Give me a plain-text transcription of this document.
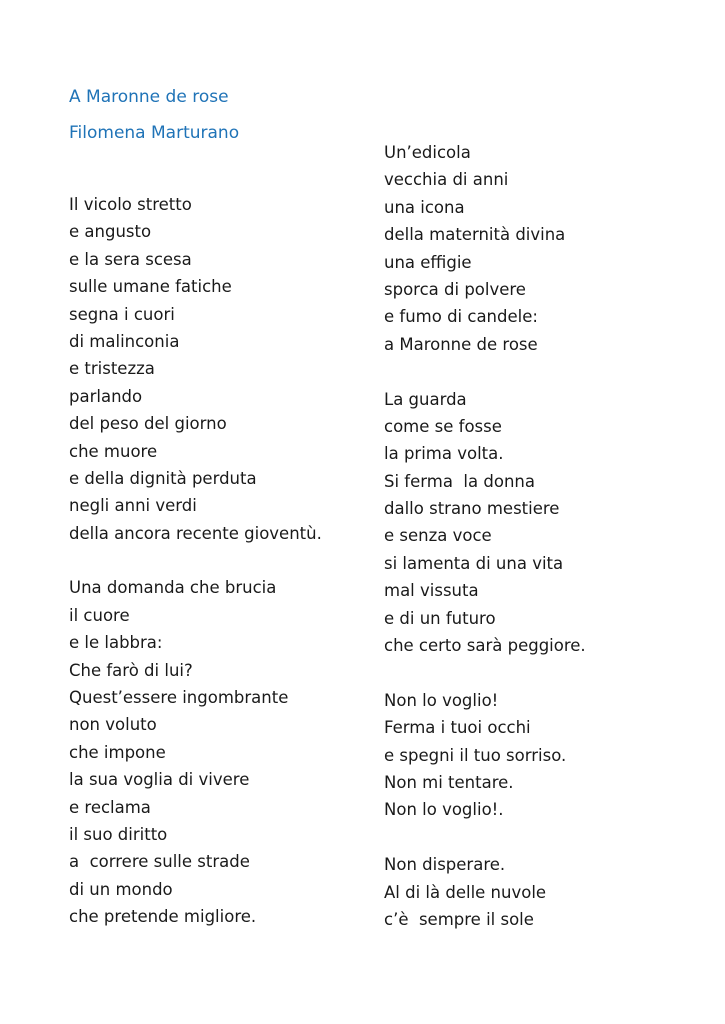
A Maronne de rose
Filomena Marturano
Il vicolo stretto
e angusto
e la sera scesa
sulle umane fatiche
segna i cuori
di malinconia
e tristezza
parlando
del peso del giorno
che muore
e della dignità perduta
negli anni verdi
della ancora recente gioventù.
Una domanda che brucia
il cuore
e le labbra:
Che farò di lui?
Quest’essere ingombrante
non voluto
che impone
la sua voglia di vivere
e reclama
il suo diritto
a  correre sulle strade
di un mondo
che pretende migliore.
Un’edicola
vecchia di anni
una icona
della maternità divina
una effigie
sporca di polvere
e fumo di candele:
a Maronne de rose
La guarda
come se fosse
la prima volta.
Si ferma  la donna
dallo strano mestiere
e senza voce
si lamenta di una vita
mal vissuta
e di un futuro
che certo sarà peggiore.
Non lo voglio!
Ferma i tuoi occhi
e spegni il tuo sorriso.
Non mi tentare.
Non lo voglio!.
Non disperare.
Al di là delle nuvole
c’è  sempre il sole
